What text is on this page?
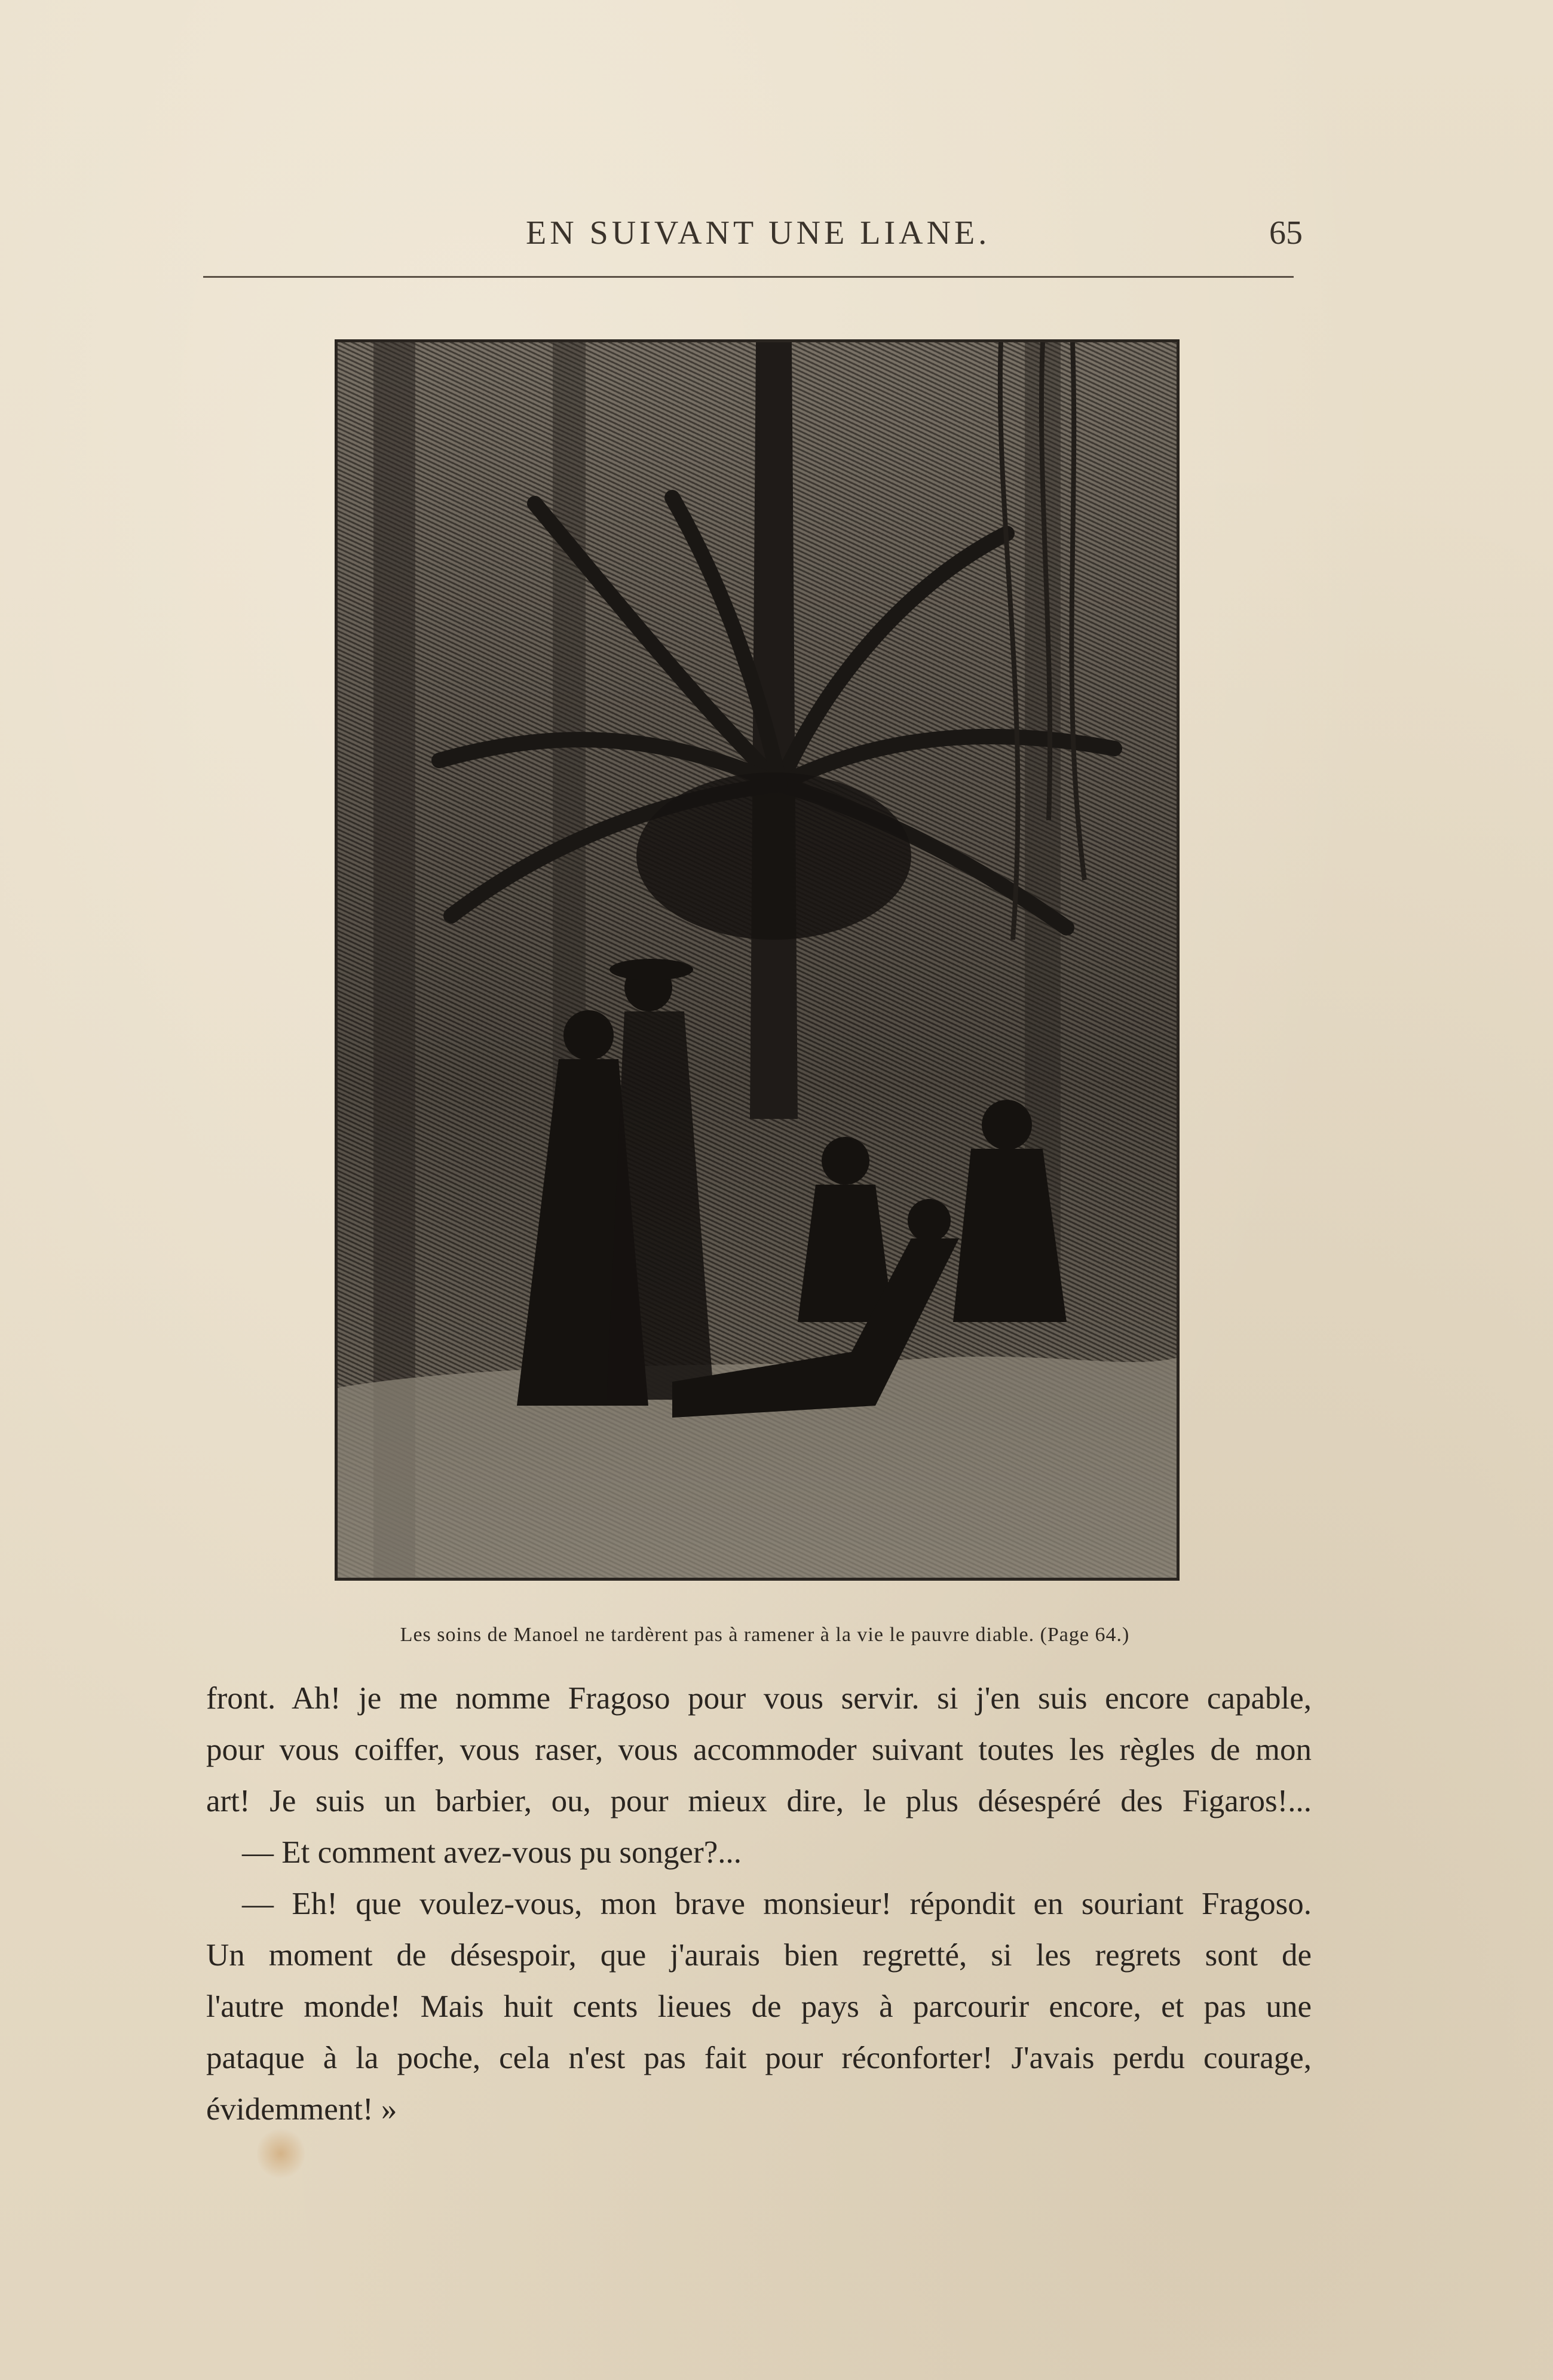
EN SUIVANT UNE LIANE.	65
Les soins de Manoel ne tardèrent pas à ramener à la vie le pauvre diable. (Page 64.)
front. Ah! je me nomme Fragoso pour vous servir. si j'en suis encore capable,
pour vous coiffer, vous raser, vous accommoder suivant toutes les règles de mon
art! Je suis un barbier, ou, pour mieux dire, le plus désespéré des Figaros!...
— Et comment avez-vous pu songer?...
— Eh! que voulez-vous, mon brave monsieur! répondit en souriant Fragoso.
Un moment de désespoir, que j'aurais bien regretté, si les regrets sont de
l'autre monde! Mais huit cents lieues de pays à parcourir encore, et pas une
pataque à la poche, cela n'est pas fait pour réconforter! J'avais perdu courage,
évidemment! »
